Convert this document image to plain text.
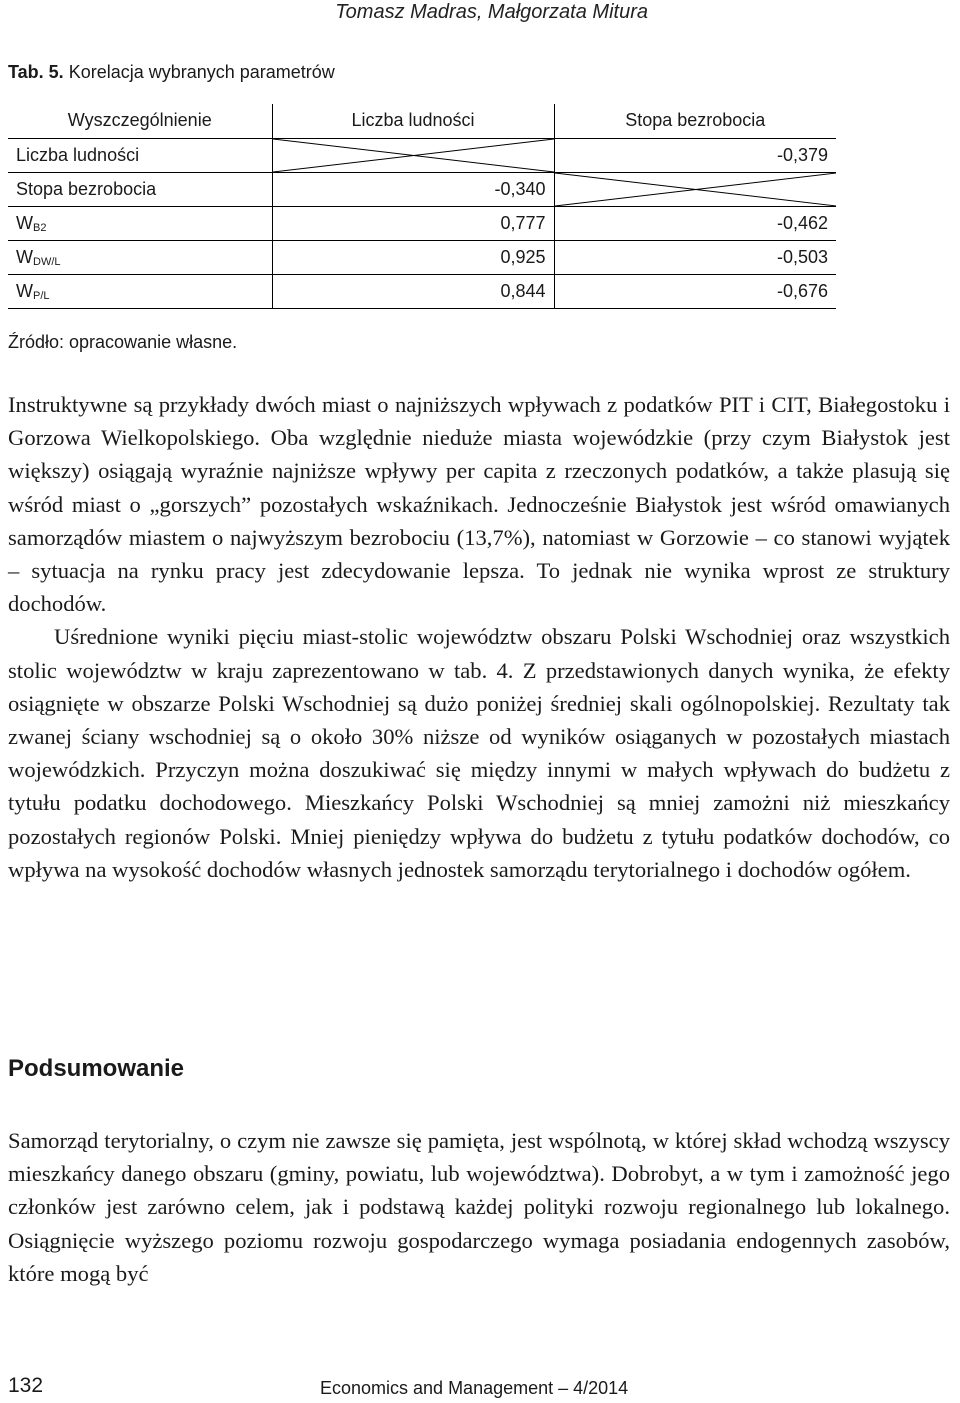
Tomasz Madras, Małgorzata Mitura
Tab. 5. Korelacja wybranych parametrów
Wyszczególnienie	Liczba ludności	Stopa bezrobocia
Liczba ludności		-0,379
Stopa bezrobocia	-0,340	

$W_{B2}$	0,777	-0,462
$W_{DW/L}$	0,925	-0,503
$W_{P/L}$	0,844	-0,676
Źródło: opracowanie własne.

Instruktywne są przykłady dwóch miast o najniższych wpływach z podatków PIT i CIT, Białegostoku i Gorzowa Wielkopolskiego. Oba względnie nieduże miasta wojewódzkie (przy czym Białystok jest większy) osiągają wyraźnie najniższe wpływy per capita z rzeczonych podatków, a także plasują się wśród miast o „gorszych” pozostałych wskaźnikach. Jednocześnie Białystok jest wśród omawianych samorządów miastem o najwyższym bezrobociu (13,7%), natomiast w Gorzowie – co stanowi wyjątek – sytuacja na rynku pracy jest zdecydowanie lepsza. To jednak nie wynika wprost ze struktury dochodów.

Uśrednione wyniki pięciu miast-stolic województw obszaru Polski Wschodniej oraz wszystkich stolic województw w kraju zaprezentowano w tab. 4. Z przedstawionych danych wynika, że efekty osiągnięte w obszarze Polski Wschodniej są dużo poniżej średniej skali ogólnopolskiej. Rezultaty tak zwanej ściany wschodniej są o około 30% niższe od wyników osiąganych w pozostałych miastach wojewódzkich. Przyczyn można doszukiwać się między innymi w małych wpływach do budżetu z tytułu podatku dochodowego. Mieszkańcy Polski Wschodniej są mniej zamożni niż mieszkańcy pozostałych regionów Polski. Mniej pieniędzy wpływa do budżetu z tytułu podatków dochodów, co wpływa na wysokość dochodów własnych jednostek samorządu terytorialnego i dochodów ogółem.

Podsumowanie

Samorząd terytorialny, o czym nie zawsze się pamięta, jest wspólnotą, w której skład wchodzą wszyscy mieszkańcy danego obszaru (gminy, powiatu, lub województwa). Dobrobyt, a w tym i zamożność jego członków jest zarówno celem, jak i podstawą każdej polityki rozwoju regionalnego lub lokalnego. Osiągnięcie wyższego poziomu rozwoju gospodarczego wymaga posiadania endogennych zasobów, które mogą być

132	Economics and Management – 4/2014
